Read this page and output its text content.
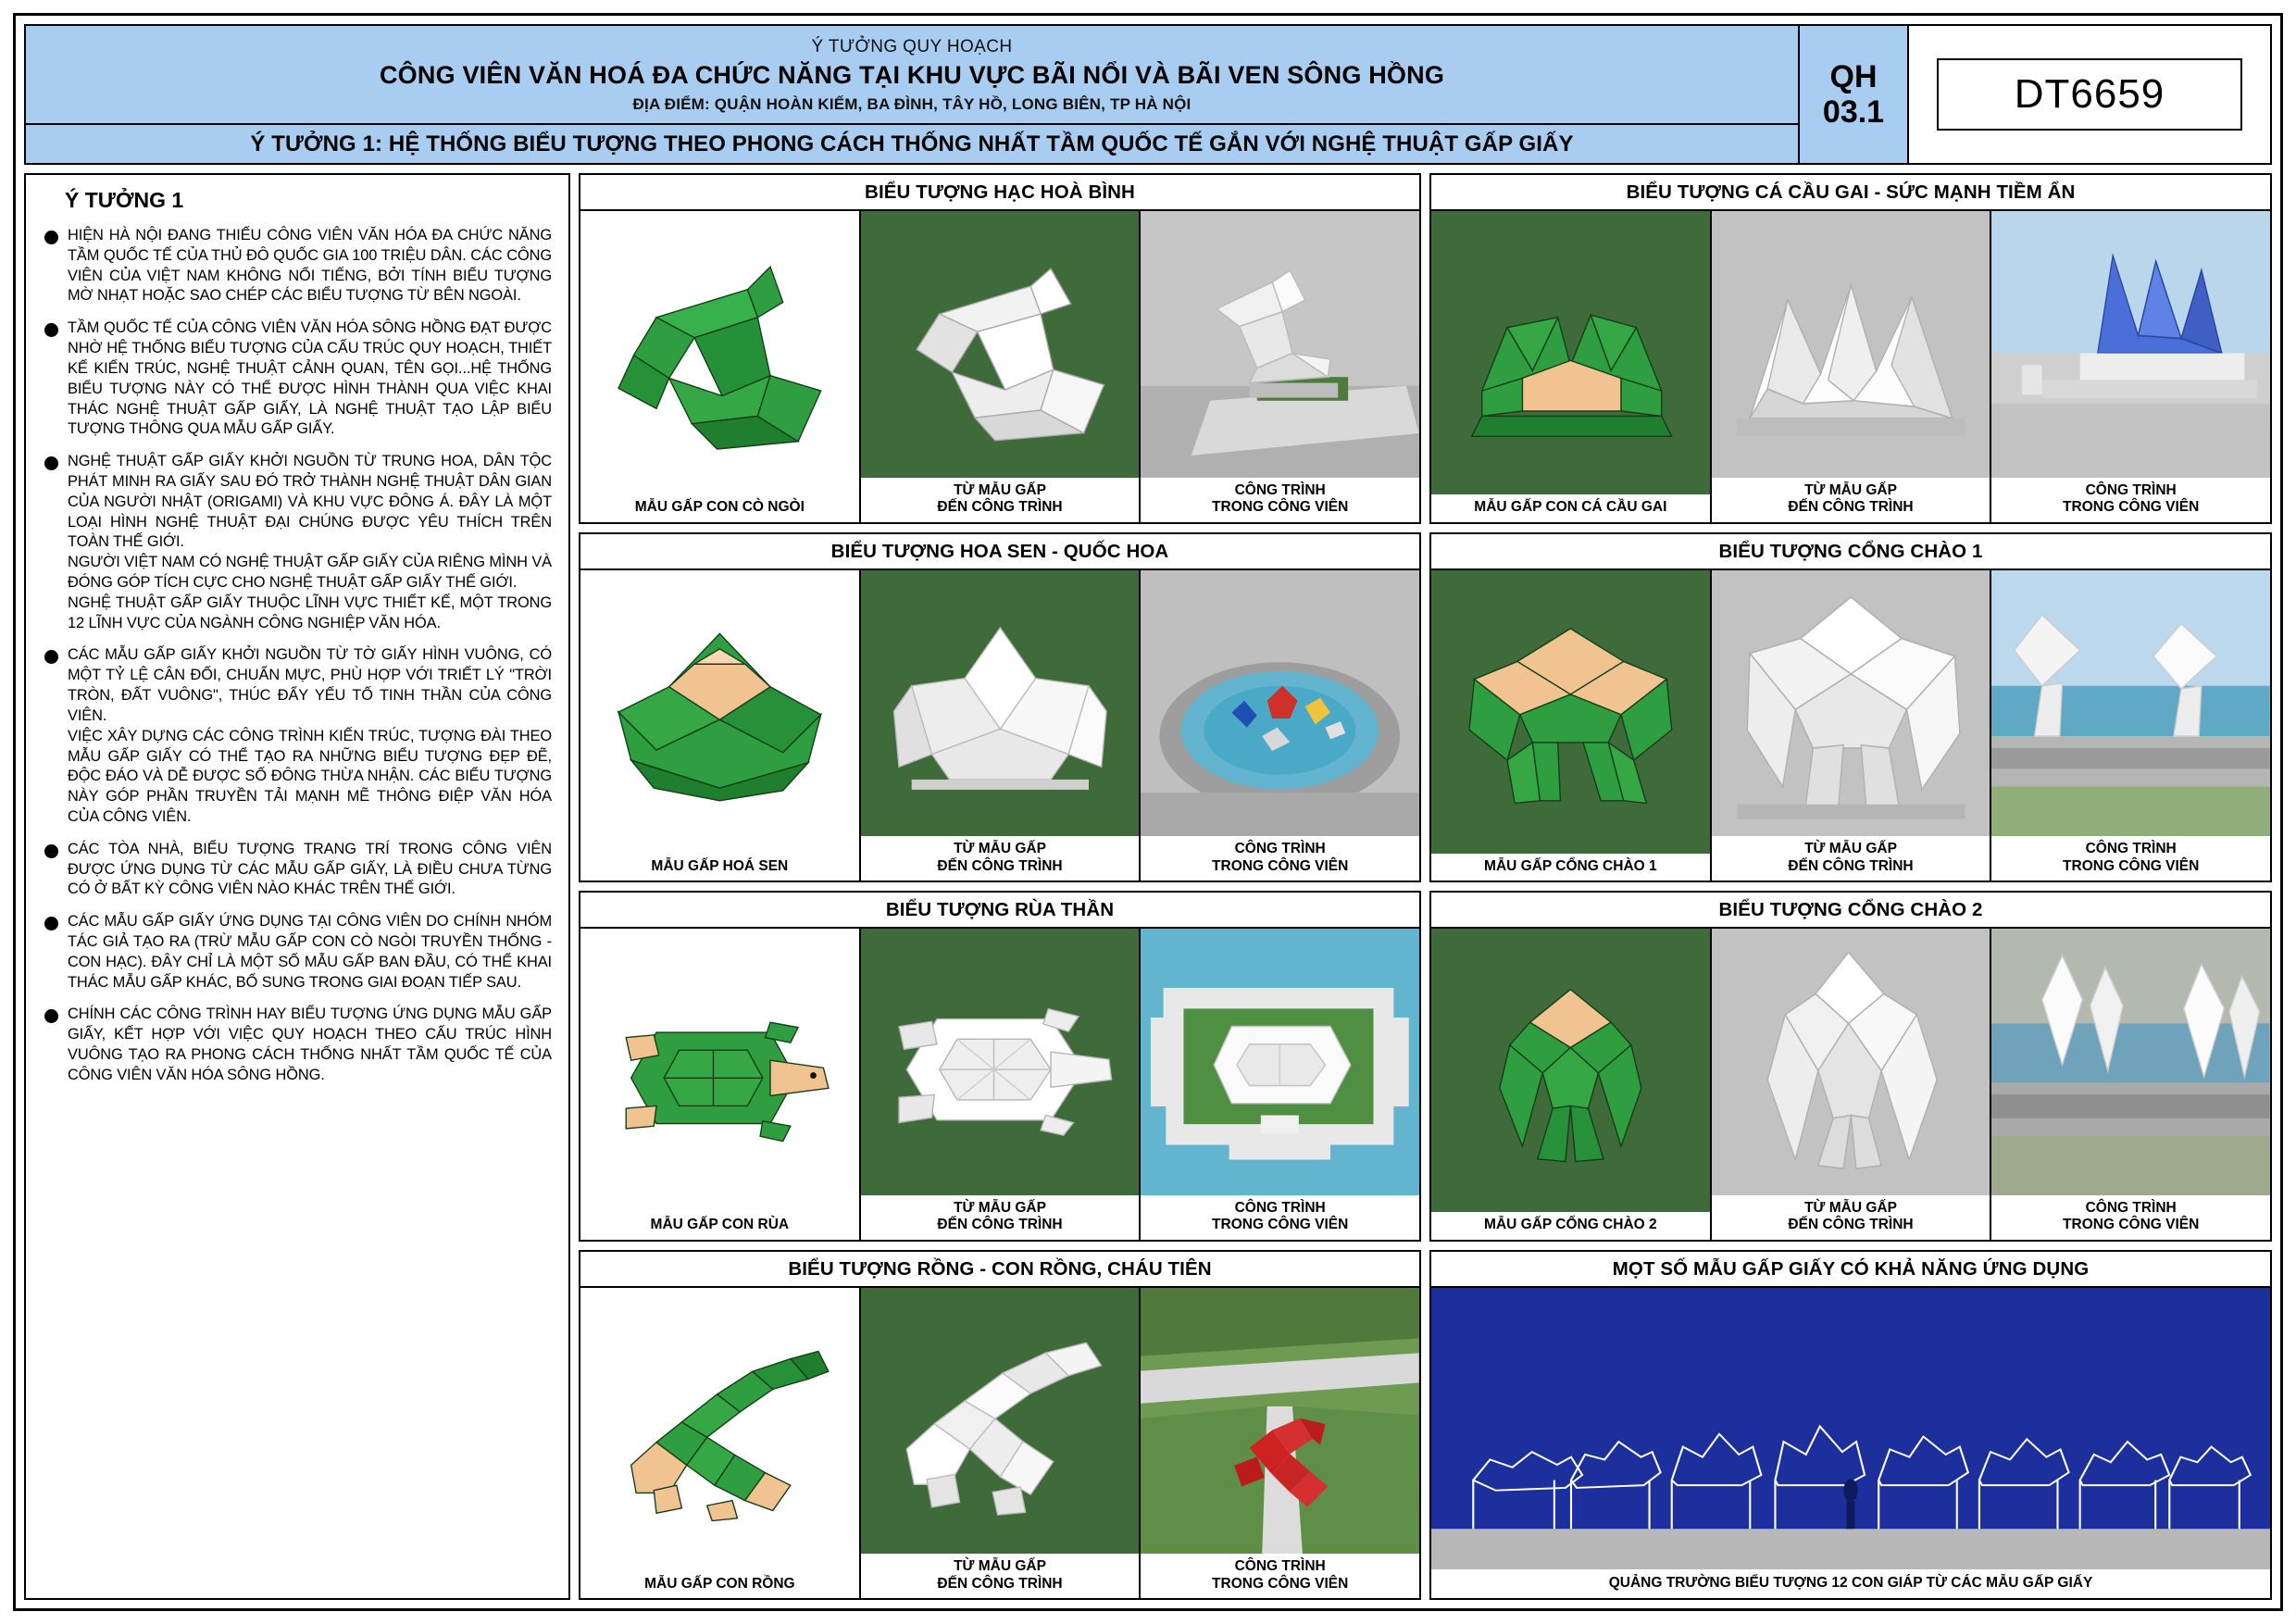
Ý TƯỞNG QUY HOẠCH
CÔNG VIÊN VĂN HOÁ ĐA CHỨC NĂNG TẠI KHU VỰC BÃI NỔI VÀ BÃI VEN SÔNG HỒNG
ĐỊA ĐIỂM: QUẬN HOÀN KIẾM, BA ĐÌNH, TÂY HỒ, LONG BIÊN, TP HÀ NỘI
Ý TƯỞNG 1: HỆ THỐNG BIỂU TƯỢNG THEO PHONG CÁCH THỐNG NHẤT TẦM QUỐC TẾ GẮN VỚI NGHỆ THUẬT GẤP GIẤY
QH
03.1	DT6659
Ý TƯỞNG 1

HIỆN HÀ NỘI ĐANG THIẾU CÔNG VIÊN VĂN HÓA ĐA CHỨC NĂNG TẦM QUỐC TẾ CỦA THỦ ĐÔ QUỐC GIA 100 TRIỆU DÂN. CÁC CÔNG VIÊN CỦA VIỆT NAM KHÔNG NỔI TIẾNG, BỞI TÍNH BIỂU TƯỢNG MỜ NHẠT HOẶC SAO CHÉP CÁC BIỂU TƯỢNG TỪ BÊN NGOÀI.

TẦM QUỐC TẾ CỦA CÔNG VIÊN VĂN HÓA SÔNG HỒNG ĐẠT ĐƯỢC NHỜ HỆ THỐNG BIỂU TƯỢNG CỦA CẤU TRÚC QUY HOẠCH, THIẾT KẾ KIẾN TRÚC, NGHỆ THUẬT CẢNH QUAN, TÊN GỌI...HỆ THỐNG BIỂU TƯỢNG NÀY CÓ THỂ ĐƯỢC HÌNH THÀNH QUA VIỆC KHAI THÁC NGHỆ THUẬT GẤP GIẤY, LÀ NGHỆ THUẬT TẠO LẬP BIỂU TƯỢNG THÔNG QUA MẪU GẤP GIẤY.

NGHỆ THUẬT GẤP GIẤY KHỞI NGUỒN TỪ TRUNG HOA, DÂN TỘC PHÁT MINH RA GIẤY SAU ĐÓ TRỞ THÀNH NGHỆ THUẬT DÂN GIAN CỦA NGƯỜI NHẬT (ORIGAMI) VÀ KHU VỰC ĐÔNG Á. ĐÂY LÀ MỘT LOẠI HÌNH NGHỆ THUẬT ĐẠI CHÚNG ĐƯỢC YÊU THÍCH TRÊN TOÀN THẾ GIỚI.

NGƯỜI VIỆT NAM CÓ NGHỆ THUẬT GẤP GIẤY CỦA RIÊNG MÌNH VÀ ĐÓNG GÓP TÍCH CỰC CHO NGHỆ THUẬT GẤP GIẤY THẾ GIỚI.

NGHỆ THUẬT GẤP GIẤY THUỘC LĨNH VỰC THIẾT KẾ, MỘT TRONG 12 LĨNH VỰC CỦA NGÀNH CÔNG NGHIỆP VĂN HÓA.

CÁC MẪU GẤP GIẤY KHỞI NGUỒN TỪ TỜ GIẤY HÌNH VUÔNG, CÓ MỘT TỶ LỆ CÂN ĐỐI, CHUẨN MỰC, PHÙ HỢP VỚI TRIẾT LÝ "TRỜI TRÒN, ĐẤT VUÔNG", THÚC ĐẨY YẾU TỐ TINH THẦN CỦA CÔNG VIÊN.

VIỆC XÂY DỰNG CÁC CÔNG TRÌNH KIẾN TRÚC, TƯỢNG ĐÀI THEO MẪU GẤP GIẤY CÓ THỂ TẠO RA NHỮNG BIỂU TƯỢNG ĐẸP ĐẼ, ĐỘC ĐÁO VÀ DỄ ĐƯỢC SỐ ĐÔNG THỪA NHẬN. CÁC BIỂU TƯỢNG NÀY GÓP PHẦN TRUYỀN TẢI MẠNH MẼ THÔNG ĐIỆP VĂN HÓA CỦA CÔNG VIÊN.

CÁC TÒA NHÀ, BIỂU TƯỢNG TRANG TRÍ TRONG CÔNG VIÊN ĐƯỢC ỨNG DỤNG TỪ CÁC MẪU GẤP GIẤY, LÀ ĐIỀU CHƯA TỪNG CÓ Ở BẤT KỲ CÔNG VIÊN NÀO KHÁC TRÊN THẾ GIỚI.

CÁC MẪU GẤP GIẤY ỨNG DỤNG TẠI CÔNG VIÊN DO CHÍNH NHÓM TÁC GIẢ TẠO RA (TRỪ MẪU GẤP CON CÒ NGÒI TRUYỀN THỐNG - CON HẠC). ĐÂY CHỈ LÀ MỘT SỐ MẪU GẤP BAN ĐẦU, CÓ THỂ KHAI THÁC MẪU GẤP KHÁC, BỔ SUNG TRONG GIAI ĐOẠN TIẾP SAU.

CHÍNH CÁC CÔNG TRÌNH HAY BIỂU TƯỢNG ỨNG DỤNG MẪU GẤP GIẤY, KẾT HỢP VỚI VIỆC QUY HOẠCH THEO CẤU TRÚC HÌNH VUÔNG TẠO RA PHONG CÁCH THỐNG NHẤT TẦM QUỐC TẾ CỦA CÔNG VIÊN VĂN HÓA SÔNG HỒNG.

BIỂU TƯỢNG HẠC HOÀ BÌNH
MẪU GẤP CON CÒ NGÒI
TỪ MẪU GẤP
ĐẾN CÔNG TRÌNH
CÔNG TRÌNH
TRONG CÔNG VIÊN
BIỂU TƯỢNG HOA SEN - QUỐC HOA
MẪU GẤP HOÁ SEN
TỪ MẪU GẤP
ĐẾN CÔNG TRÌNH
CÔNG TRÌNH
TRONG CÔNG VIÊN
BIỂU TƯỢNG RÙA THẦN
MẪU GẤP CON RÙA
TỪ MẪU GẤP
ĐẾN CÔNG TRÌNH
CÔNG TRÌNH
TRONG CÔNG VIÊN
BIỂU TƯỢNG RỒNG - CON RỒNG, CHÁU TIÊN
MẪU GẤP CON RỒNG
TỪ MẪU GẤP
ĐẾN CÔNG TRÌNH
CÔNG TRÌNH
TRONG CÔNG VIÊN
BIỂU TƯỢNG CÁ CẦU GAI - SỨC MẠNH TIỀM ẨN
MẪU GẤP CON CÁ CẦU GAI
TỪ MẪU GẤP
ĐẾN CÔNG TRÌNH
CÔNG TRÌNH
TRONG CÔNG VIÊN
BIỂU TƯỢNG CỔNG CHÀO 1
MẪU GẤP CỔNG CHÀO 1
TỪ MẪU GẤP
ĐẾN CÔNG TRÌNH
CÔNG TRÌNH
TRONG CÔNG VIÊN
BIỂU TƯỢNG CỔNG CHÀO 2
MẪU GẤP CỔNG CHÀO 2
TỪ MẪU GẤP
ĐẾN CÔNG TRÌNH
CÔNG TRÌNH
TRONG CÔNG VIÊN
MỌT SỐ MẪU GẤP GIẤY CÓ KHẢ NĂNG ỨNG DỤNG
QUẢNG TRƯỜNG BIỂU TƯỢNG 12 CON GIÁP TỪ CÁC MẪU GẤP GIẤY
